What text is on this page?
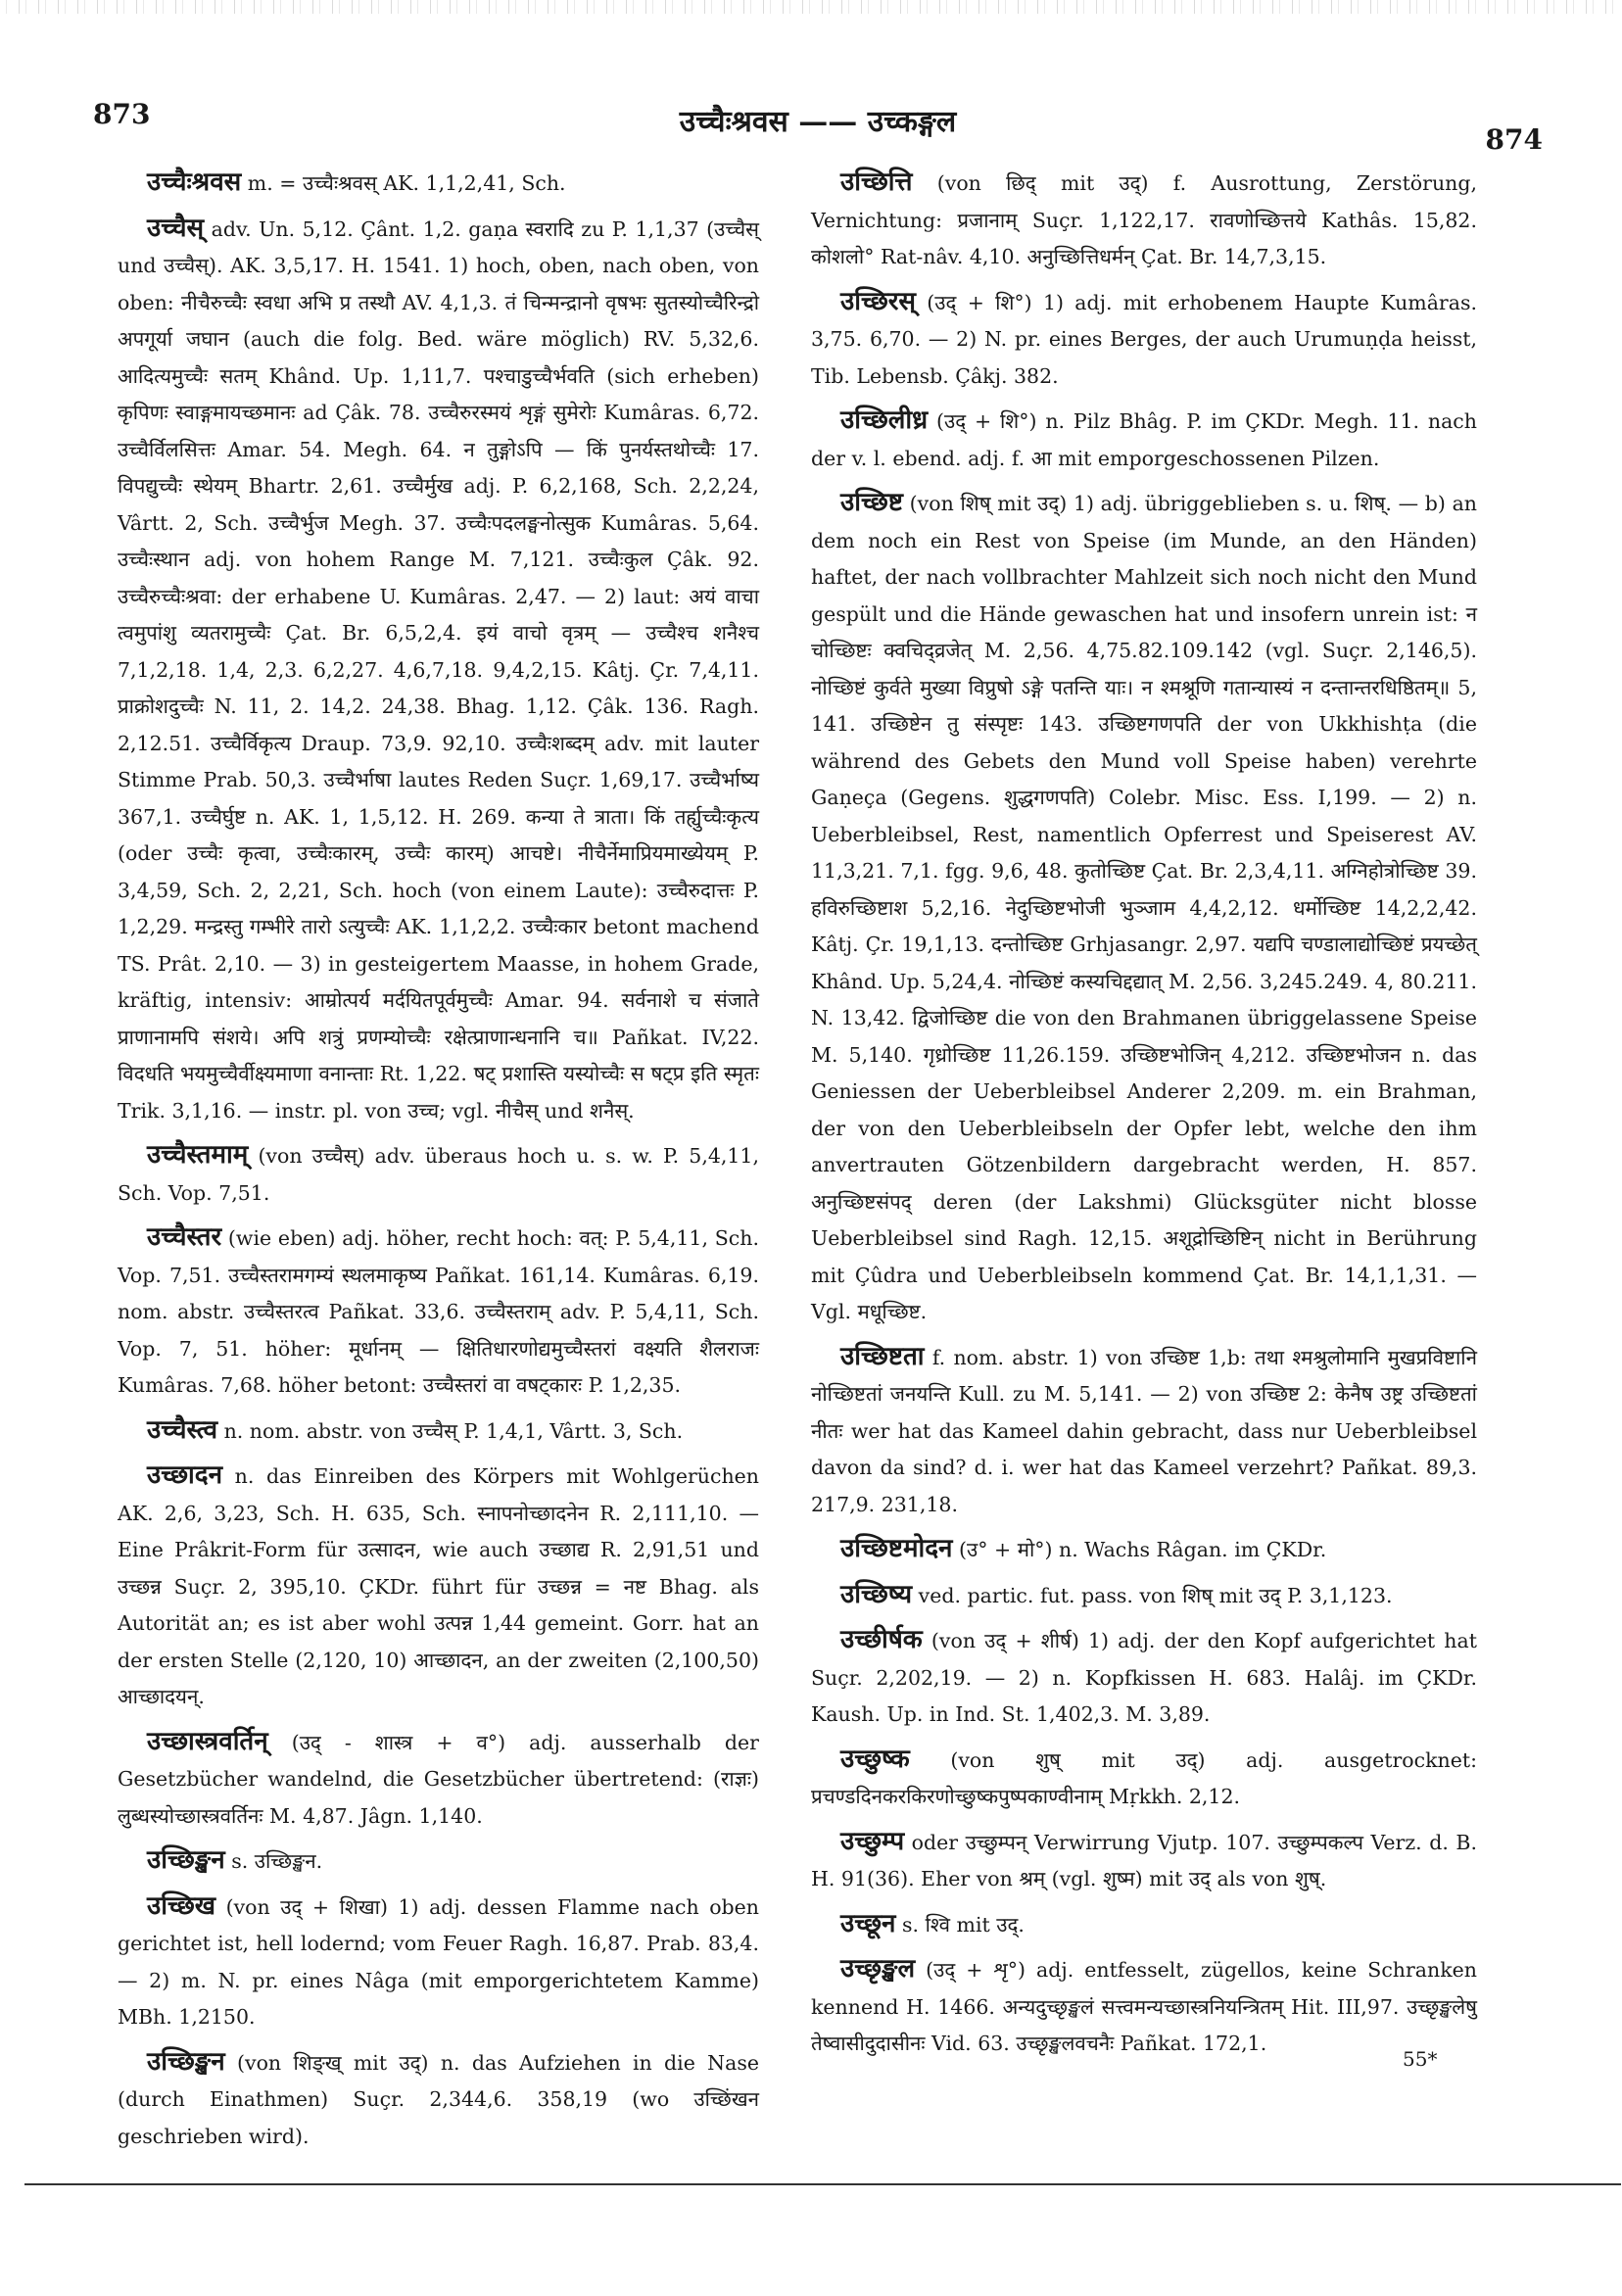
873	उच्चैःश्रवस —— उच्कङ्गल
874

उच्चैःश्रवस m. = उच्चैःश्रवस् AK. 1,1,2,41, Sch.

उच्चैस् adv. Un. 5,12. Çânt. 1,2. gaṇa स्वरादि zu P. 1,1,37 (उच्चैस् und उच्चैस्). AK. 3,5,17. H. 1541. 1) hoch, oben, nach oben, von oben: नीचैरुच्चैः स्वधा अभि प्र तस्थौ AV. 4,1,3. तं चिन्मन्द्रानो वृषभः सुतस्योच्चैरिन्द्रो अपगूर्या जघान (auch die folg. Bed. wäre möglich) RV. 5,32,6. आदित्यमुच्चैः सतम् Khând. Up. 1,11,7. पश्चाडुच्चैर्भवति (sich erheben) कृपिणः स्वाङ्गमायच्छमानः ad Çâk. 78. उच्चैरुरस्मयं शृङ्गं सुमेरोः Kumâras. 6,72. उच्चैर्विलसित्तः Amar. 54. Megh. 64. न तुङ्गोऽपि — किं पुनर्यस्तथोच्चैः 17. विपद्युच्चैः स्थेयम् Bhartr. 2,61. उच्चैर्मुख adj. P. 6,2,168, Sch. 2,2,24, Vârtt. 2, Sch. उच्चैर्भुज Megh. 37. उच्चैःपदलङ्घनोत्सुक Kumâras. 5,64. उच्चैःस्थान adj. von hohem Range M. 7,121. उच्चैःकुल Çâk. 92. उच्चैरुच्चैःश्रवा: der erhabene U. Kumâras. 2,47. — 2) laut: अयं वाचा त्वमुपांशु व्यतरामुच्चैः Çat. Br. 6,5,2,4. इयं वाचो वृत्रम् — उच्चैश्च शनैश्च 7,1,2,18. 1,4, 2,3. 6,2,27. 4,6,7,18. 9,4,2,15. Kâtj. Çr. 7,4,11. प्राक्रोशदुच्चैः N. 11, 2. 14,2. 24,38. Bhag. 1,12. Çâk. 136. Ragh. 2,12.51. उच्चैर्विकृत्य Draup. 73,9. 92,10. उच्चैःशब्दम् adv. mit lauter Stimme Prab. 50,3. उच्चैर्भाषा lautes Reden Suçr. 1,69,17. उच्चैर्भाष्य 367,1. उच्चैर्घुष्ट n. AK. 1, 1,5,12. H. 269. कन्या ते त्राता। किं तर्ह्युच्चैःकृत्य (oder उच्चैः कृत्वा, उच्चैःकारम्, उच्चैः कारम्) आचष्टे। नीचैर्नेमाप्रियमाख्येयम् P. 3,4,59, Sch. 2, 2,21, Sch. hoch (von einem Laute): उच्चैरुदात्तः P. 1,2,29. मन्द्रस्तु गम्भीरे तारो ऽत्युच्चैः AK. 1,1,2,2. उच्चैःकार betont machend TS. Prât. 2,10. — 3) in gesteigertem Maasse, in hohem Grade, kräftig, intensiv: आम्रोत्पर्य मर्दयितपूर्वमुच्चैः Amar. 94. सर्वनाशे च संजाते प्राणानामपि संशये। अपि शत्रुं प्रणम्योच्चैः रक्षेत्प्राणान्धनानि च॥ Pañkat. IV,22. विदधति भयमुच्चैर्वीक्ष्यमाणा वनान्ताः Rt. 1,22. षट् प्रशास्ति यस्योच्चैः स षट्प्र इति स्मृतः Trik. 3,1,16. — instr. pl. von उच्च; vgl. नीचैस् und शनैस्.

उच्चैस्तमाम् (von उच्चैस्) adv. überaus hoch u. s. w. P. 5,4,11, Sch. Vop. 7,51.

उच्चैस्तर (wie eben) adj. höher, recht hoch: वत्: P. 5,4,11, Sch. Vop. 7,51. उच्चैस्तरामगम्यं स्थलमाकृष्य Pañkat. 161,14. Kumâras. 6,19. nom. abstr. उच्चैस्तरत्व Pañkat. 33,6. उच्चैस्तराम् adv. P. 5,4,11, Sch. Vop. 7, 51. höher: मूर्धानम् — क्षितिधारणोद्यमुच्चैस्तरां वक्ष्यति शैलराजः Kumâras. 7,68. höher betont: उच्चैस्तरां वा वषट्कारः P. 1,2,35.

उच्चैस्त्व n. nom. abstr. von उच्चैस् P. 1,4,1, Vârtt. 3, Sch.

उच्छादन n. das Einreiben des Körpers mit Wohlgerüchen AK. 2,6, 3,23, Sch. H. 635, Sch. स्नापनोच्छादनेन R. 2,111,10. — Eine Prâkrit-Form für उत्सादन, wie auch उच्छाद्य R. 2,91,51 und उच्छन्न Suçr. 2, 395,10. ÇKDr. führt für उच्छन्न = नष्ट Bhag. als Autorität an; es ist aber wohl उत्पन्न 1,44 gemeint. Gorr. hat an der ersten Stelle (2,120, 10) आच्छादन, an der zweiten (2,100,50) आच्छादयन्.

उच्छास्त्रवर्तिन् (उद् - शास्त्र + व°) adj. ausserhalb der Gesetzbücher wandelnd, die Gesetzbücher übertretend: (राज्ञः) लुब्धस्योच्छास्त्रवर्तिनः M. 4,87. Jâgn. 1,140.

उच्छिङ्खन s. उच्छिङ्खन.

उच्छिख (von उद् + शिखा) 1) adj. dessen Flamme nach oben gerichtet ist, hell lodernd; vom Feuer Ragh. 16,87. Prab. 83,4. — 2) m. N. pr. eines Nâga (mit emporgerichtetem Kamme) MBh. 1,2150.

उच्छिङ्खन (von शिङ्ख् mit उद्) n. das Aufziehen in die Nase (durch Einathmen) Suçr. 2,344,6. 358,19 (wo उच्छिंखन geschrieben wird).

उच्छित्ति (von छिद् mit उद्) f. Ausrottung, Zerstörung, Vernichtung: प्रजानाम् Suçr. 1,122,17. रावणोच्छित्तये Kathâs. 15,82. कोशलो° Rat-nâv. 4,10. अनुच्छित्तिधर्मन् Çat. Br. 14,7,3,15.

उच्छिरस् (उद् + शि°) 1) adj. mit erhobenem Haupte Kumâras. 3,75. 6,70. — 2) N. pr. eines Berges, der auch Urumuṇḍa heisst, Tib. Lebensb. Çâkj. 382.

उच्छिलीध्र (उद् + शि°) n. Pilz Bhâg. P. im ÇKDr. Megh. 11. nach der v. l. ebend. adj. f. आ mit emporgeschossenen Pilzen.

उच्छिष्ट (von शिष् mit उद्) 1) adj. übriggeblieben s. u. शिष्. — b) an dem noch ein Rest von Speise (im Munde, an den Händen) haftet, der nach vollbrachter Mahlzeit sich noch nicht den Mund gespült und die Hände gewaschen hat und insofern unrein ist: न चोच्छिष्टः क्वचिद्व्रजेत् M. 2,56. 4,75.82.109.142 (vgl. Suçr. 2,146,5). नोच्छिष्टं कुर्वते मुख्या विप्रुषो ऽङ्गे पतन्ति याः। न श्मश्रूणि गतान्यास्यं न दन्तान्तरधिष्ठितम्॥ 5, 141. उच्छिष्टेन तु संस्पृष्टः 143. उच्छिष्टगणपति der von Ukkhishṭa (die während des Gebets den Mund voll Speise haben) verehrte Gaṇeça (Gegens. शुद्धगणपति) Colebr. Misc. Ess. I,199. — 2) n. Ueberbleibsel, Rest, namentlich Opferrest und Speiserest AV. 11,3,21. 7,1. fgg. 9,6, 48. कुतोच्छिष्ट Çat. Br. 2,3,4,11. अग्निहोत्रोच्छिष्ट 39. हविरुच्छिष्टाश 5,2,16. नेदुच्छिष्टभोजी भुञ्जाम 4,4,2,12. धर्मोच्छिष्ट 14,2,2,42. Kâtj. Çr. 19,1,13. दन्तोच्छिष्ट Grhjasangr. 2,97. यद्यपि चण्डालाद्योच्छिष्टं प्रयच्छेत् Khând. Up. 5,24,4. नोच्छिष्टं कस्यचिद्दद्यात् M. 2,56. 3,245.249. 4, 80.211. N. 13,42. द्विजोच्छिष्ट die von den Brahmanen übriggelassene Speise M. 5,140. गृध्रोच्छिष्ट 11,26.159. उच्छिष्टभोजिन् 4,212. उच्छिष्टभोजन n. das Geniessen der Ueberbleibsel Anderer 2,209. m. ein Brahman, der von den Ueberbleibseln der Opfer lebt, welche den ihm anvertrauten Götzenbildern dargebracht werden, H. 857. अनुच्छिष्टसंपद् deren (der Lakshmi) Glücksgüter nicht blosse Ueberbleibsel sind Ragh. 12,15. अशूद्रोच्छिष्टिन् nicht in Berührung mit Çûdra und Ueberbleibseln kommend Çat. Br. 14,1,1,31. — Vgl. मधूच्छिष्ट.

उच्छिष्टता f. nom. abstr. 1) von उच्छिष्ट 1,b: तथा श्मश्रुलोमानि मुखप्रविष्टानि नोच्छिष्टतां जनयन्ति Kull. zu M. 5,141. — 2) von उच्छिष्ट 2: केनैष उष्ट्र उच्छिष्टतां नीतः wer hat das Kameel dahin gebracht, dass nur Ueberbleibsel davon da sind? d. i. wer hat das Kameel verzehrt? Pañkat. 89,3. 217,9. 231,18.

उच्छिष्टमोदन (उ° + मो°) n. Wachs Râgan. im ÇKDr.

उच्छिष्य ved. partic. fut. pass. von शिष् mit उद् P. 3,1,123.

उच्छीर्षक (von उद् + शीर्ष) 1) adj. der den Kopf aufgerichtet hat Suçr. 2,202,19. — 2) n. Kopfkissen H. 683. Halâj. im ÇKDr. Kaush. Up. in Ind. St. 1,402,3. M. 3,89.

उच्छुष्क (von शुष् mit उद्) adj. ausgetrocknet: प्रचण्डदिनकरकिरणोच्छुष्कपुष्पकाण्वीनाम् Mṛkkh. 2,12.

उच्छुम्प oder उच्छुम्पन् Verwirrung Vjutp. 107. उच्छुम्पकल्प Verz. d. B. H. 91(36). Eher von श्रम् (vgl. शुष्म) mit उद् als von शुष्.

उच्छून s. श्वि mit उद्.

उच्छृङ्खल (उद् + शृ°) adj. entfesselt, zügellos, keine Schranken kennend H. 1466. अन्यदुच्छृङ्खलं सत्त्वमन्यच्छास्त्रनियन्त्रितम् Hit. III,97. उच्छृङ्खलेषु तेष्वासीदुदासीनः Vid. 63. उच्छृङ्खलवचनैः Pañkat. 172,1.

55*
